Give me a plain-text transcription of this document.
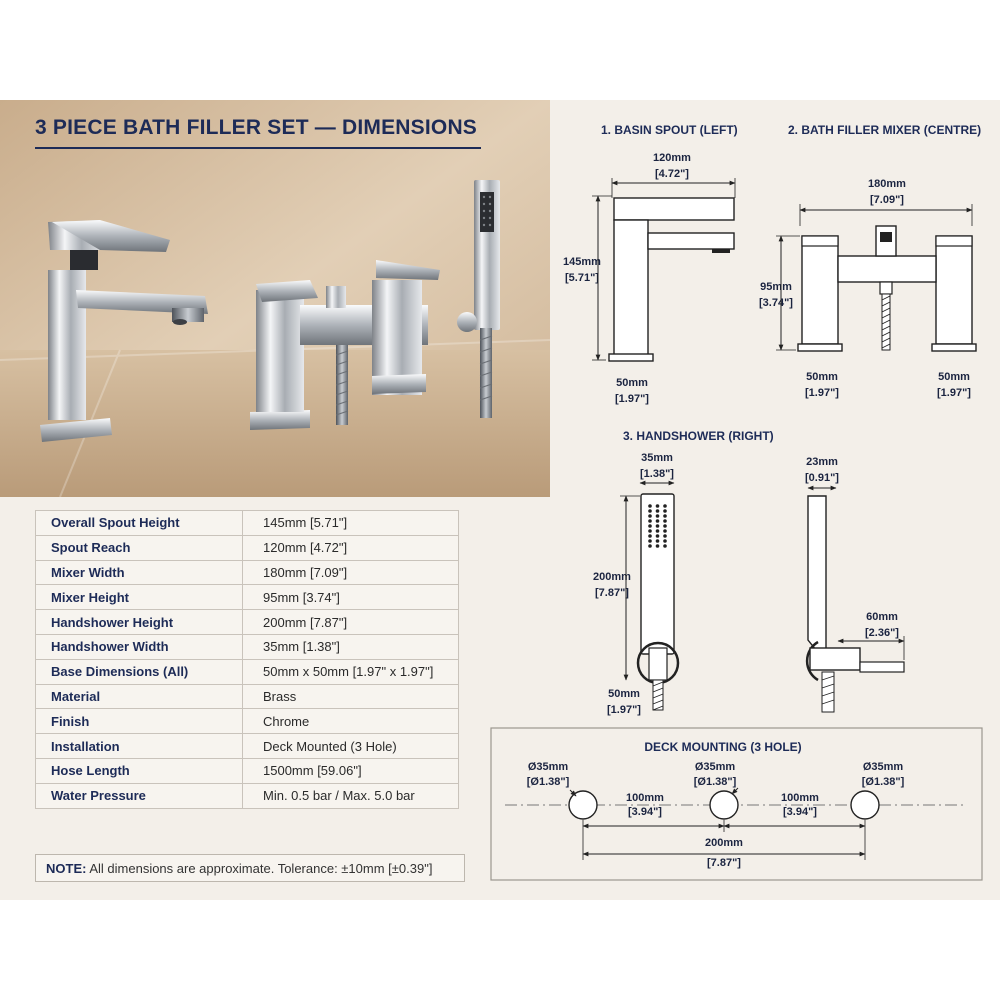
3 PIECE BATH FILLER SET — DIMENSIONS
Overall Spout Height	145mm [5.71"]
Spout Reach	120mm [4.72"]
Mixer Width	180mm [7.09"]
Mixer Height	95mm [3.74"]
Handshower Height	200mm [7.87"]
Handshower Width	35mm [1.38"]
Base Dimensions (All)	50mm x 50mm [1.97" x 1.97"]
Material	Brass
Finish	Chrome
Installation	Deck Mounted (3 Hole)
Hose Length	1500mm [59.06"]
Water Pressure	Min. 0.5 bar / Max. 5.0 bar
NOTE: All dimensions are approximate. Tolerance: ±10mm [±0.39"]
1. BASIN SPOUT (LEFT)
120mm
[4.72"]
145mm
[5.71"]
50mm
[1.97"]
2. BATH FILLER MIXER (CENTRE)
180mm
[7.09"]
95mm
[3.74"]
50mm
[1.97"]
50mm
[1.97"]
3. HANDSHOWER (RIGHT)
35mm
[1.38"]
200mm
[7.87"]
50mm
[1.97"]
23mm
[0.91"]
60mm
[2.36"]
DECK MOUNTING (3 HOLE)
Ø35mm
[Ø1.38"]
Ø35mm
[Ø1.38"]
Ø35mm
[Ø1.38"]
100mm
[3.94"]
100mm
[3.94"]
200mm
[7.87"]
